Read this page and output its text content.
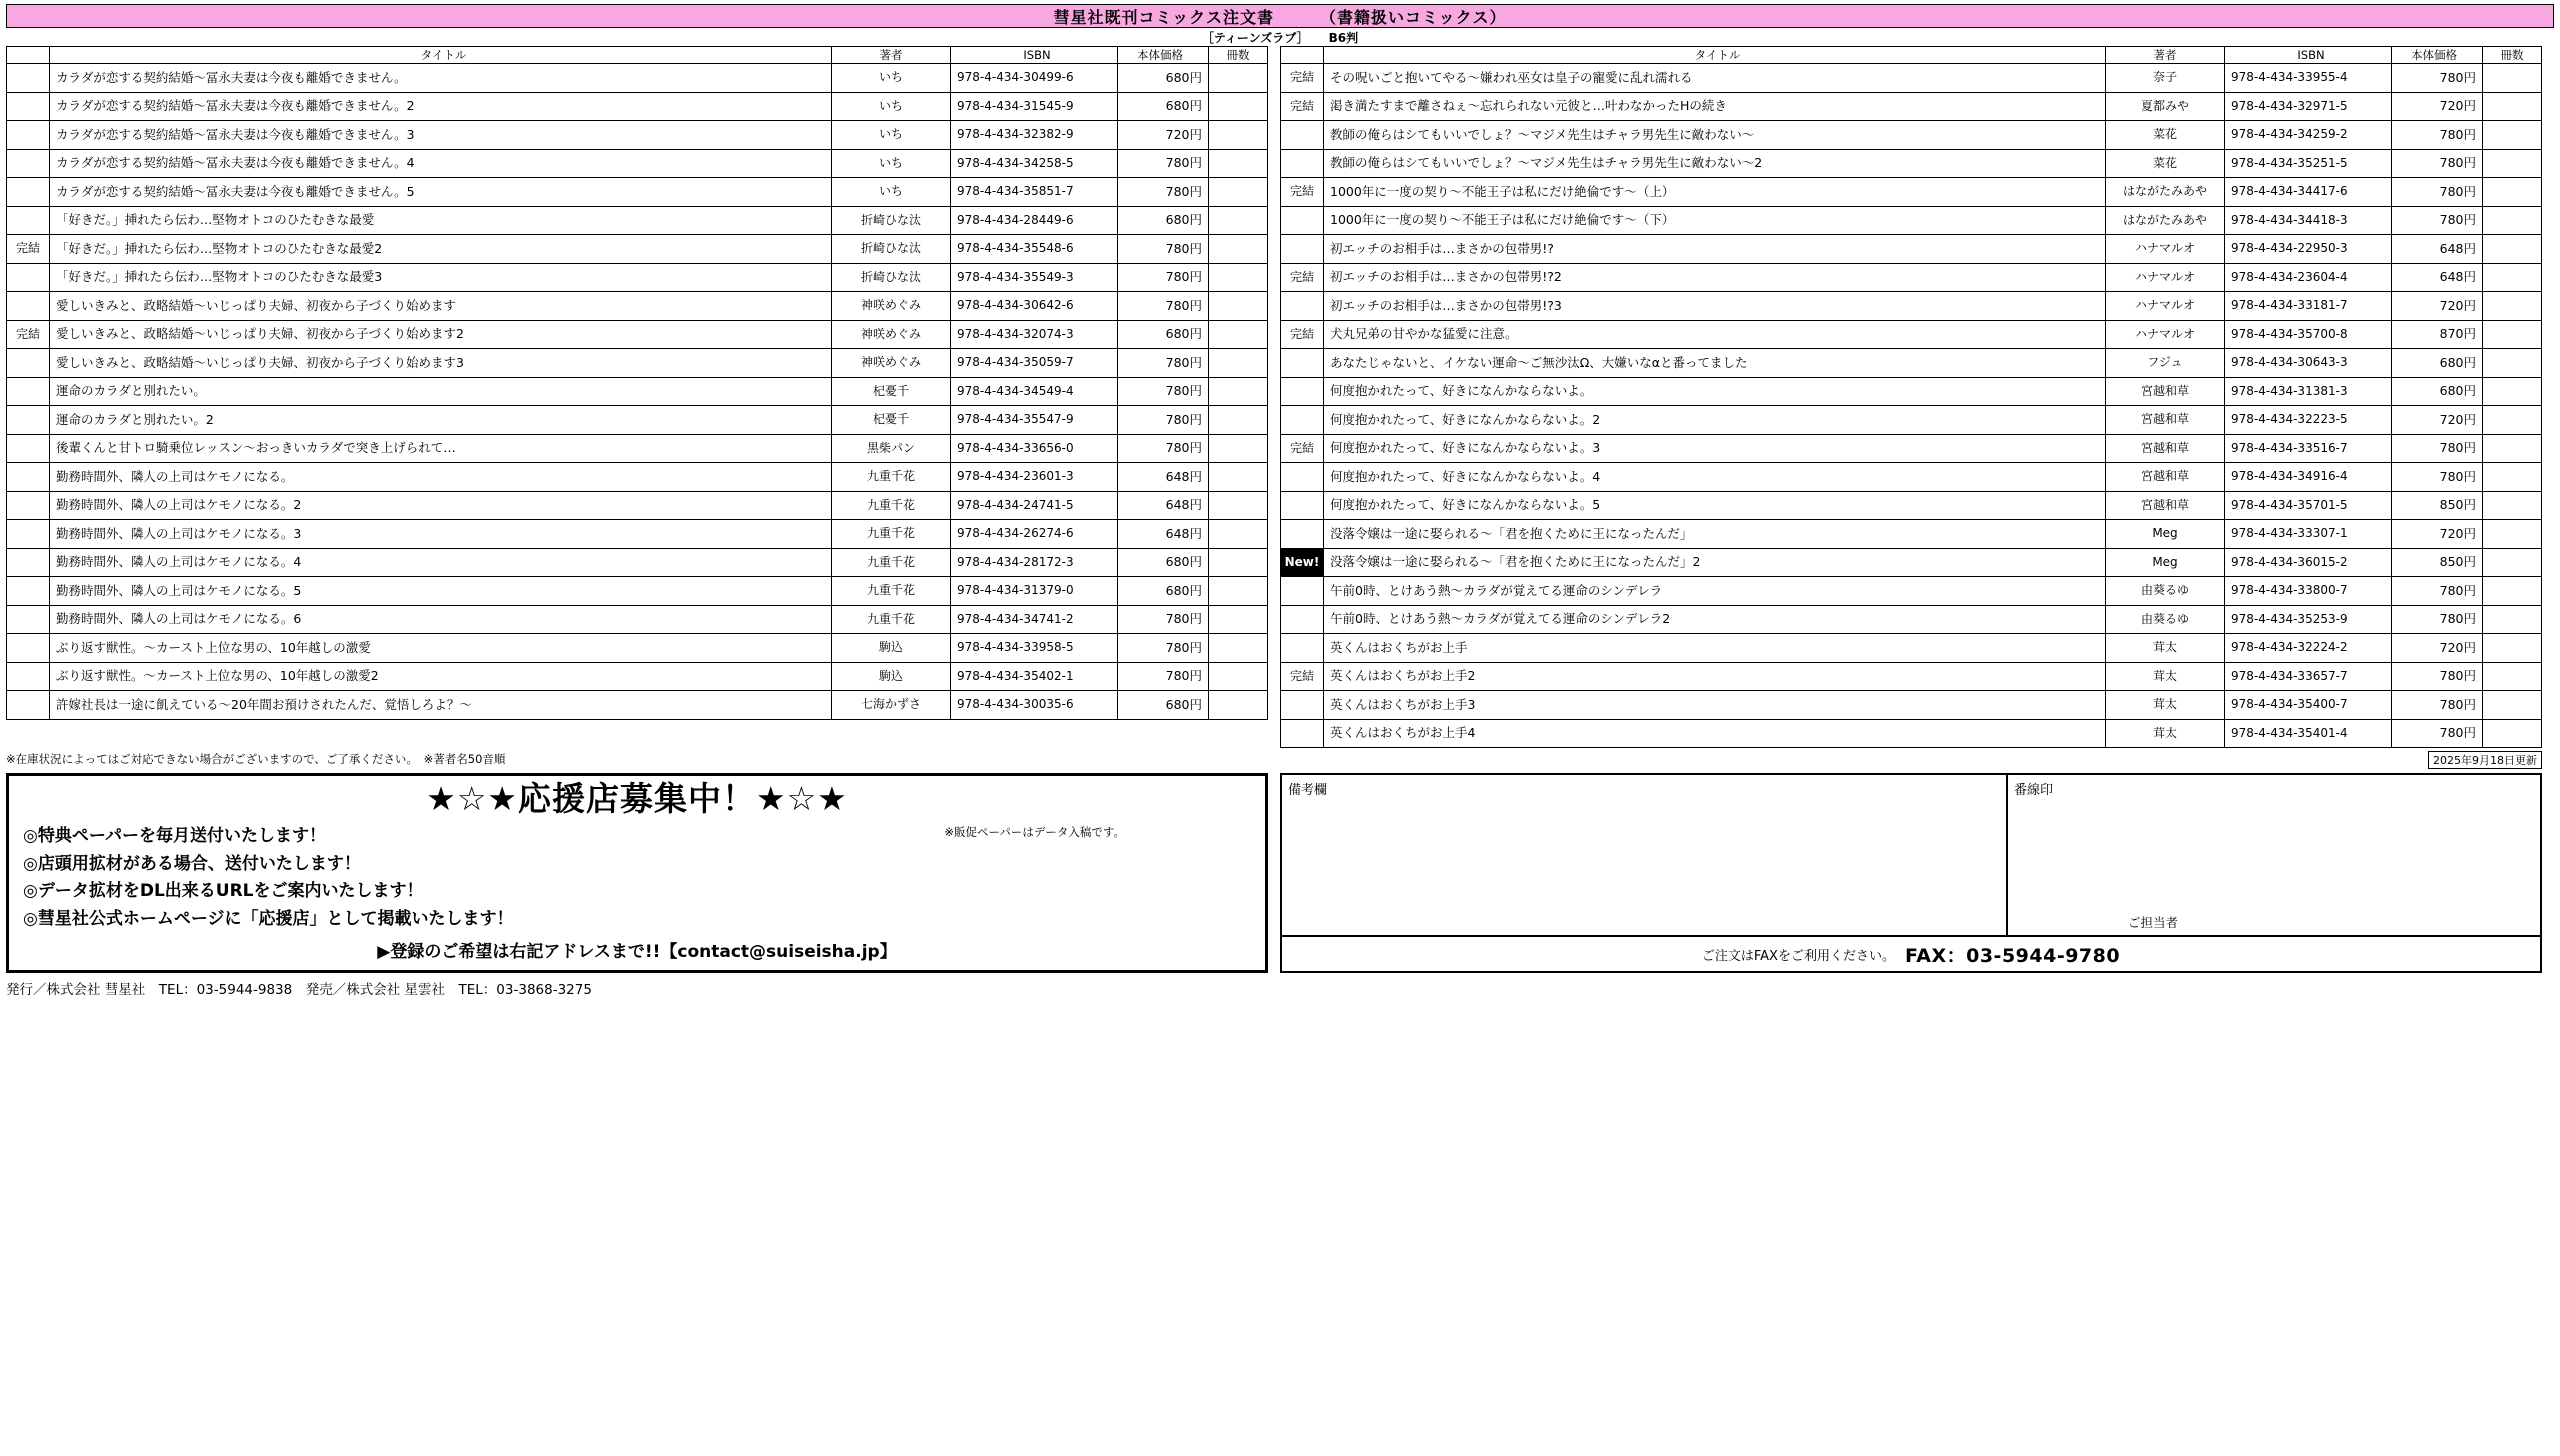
彗星社既刊コミックス注文書	（書籍扱いコミックス）
［ティーンズラブ］ B6判
	タイトル	著者	ISBN	本体価格	冊数
	カラダが恋する契約結婚〜冨永夫妻は今夜も離婚できません。	いち	978-4-434-30499-6	680円	
	カラダが恋する契約結婚〜冨永夫妻は今夜も離婚できません。2	いち	978-4-434-31545-9	680円	
	カラダが恋する契約結婚〜冨永夫妻は今夜も離婚できません。3	いち	978-4-434-32382-9	720円	
	カラダが恋する契約結婚〜冨永夫妻は今夜も離婚できません。4	いち	978-4-434-34258-5	780円	
	カラダが恋する契約結婚〜冨永夫妻は今夜も離婚できません。5	いち	978-4-434-35851-7	780円	
	「好きだ。」挿れたら伝わ…堅物オトコのひたむきな最愛	折崎ひな汰	978-4-434-28449-6	680円	
完結	「好きだ。」挿れたら伝わ…堅物オトコのひたむきな最愛2	折崎ひな汰	978-4-434-35548-6	780円	
	「好きだ。」挿れたら伝わ…堅物オトコのひたむきな最愛3	折崎ひな汰	978-4-434-35549-3	780円	
	愛しいきみと、政略結婚〜いじっぱり夫婦、初夜から子づくり始めます	神咲めぐみ	978-4-434-30642-6	780円	
完結	愛しいきみと、政略結婚〜いじっぱり夫婦、初夜から子づくり始めます2	神咲めぐみ	978-4-434-32074-3	680円	
	愛しいきみと、政略結婚〜いじっぱり夫婦、初夜から子づくり始めます3	神咲めぐみ	978-4-434-35059-7	780円	
	運命のカラダと別れたい。	杞憂千	978-4-434-34549-4	780円	
	運命のカラダと別れたい。2	杞憂千	978-4-434-35547-9	780円	
	後輩くんと甘トロ騎乗位レッスン〜おっきいカラダで突き上げられて…	黒柴パン	978-4-434-33656-0	780円	
	勤務時間外、隣人の上司はケモノになる。	九重千花	978-4-434-23601-3	648円	
	勤務時間外、隣人の上司はケモノになる。2	九重千花	978-4-434-24741-5	648円	
	勤務時間外、隣人の上司はケモノになる。3	九重千花	978-4-434-26274-6	648円	
	勤務時間外、隣人の上司はケモノになる。4	九重千花	978-4-434-28172-3	680円	
	勤務時間外、隣人の上司はケモノになる。5	九重千花	978-4-434-31379-0	680円	
	勤務時間外、隣人の上司はケモノになる。6	九重千花	978-4-434-34741-2	780円	
	ぶり返す獣性。〜カースト上位な男の、10年越しの激愛	駒込	978-4-434-33958-5	780円	
	ぶり返す獣性。〜カースト上位な男の、10年越しの激愛2	駒込	978-4-434-35402-1	780円	
	許嫁社長は一途に飢えている〜20年間お預けされたんだ、覚悟しろよ？〜	七海かずさ	978-4-434-30035-6	680円	
	タイトル	著者	ISBN	本体価格	冊数
完結	その呪いごと抱いてやる〜嫌われ巫女は皇子の寵愛に乱れ濡れる	奈子	978-4-434-33955-4	780円	
完結	渇き満たすまで離さねぇ〜忘れられない元彼と…叶わなかったHの続き	夏都みや	978-4-434-32971-5	720円	
	教師の俺らはシてもいいでしょ？〜マジメ先生はチャラ男先生に敵わない〜	菜花	978-4-434-34259-2	780円	
	教師の俺らはシてもいいでしょ？〜マジメ先生はチャラ男先生に敵わない〜2	菜花	978-4-434-35251-5	780円	
完結	1000年に一度の契り〜不能王子は私にだけ絶倫です〜（上）	はながたみあや	978-4-434-34417-6	780円	
	1000年に一度の契り〜不能王子は私にだけ絶倫です〜（下）	はながたみあや	978-4-434-34418-3	780円	
	初エッチのお相手は…まさかの包帯男!?	ハナマルオ	978-4-434-22950-3	648円	
完結	初エッチのお相手は…まさかの包帯男!?2	ハナマルオ	978-4-434-23604-4	648円	
	初エッチのお相手は…まさかの包帯男!?3	ハナマルオ	978-4-434-33181-7	720円	
完結	犬丸兄弟の甘やかな猛愛に注意。	ハナマルオ	978-4-434-35700-8	870円	
	あなたじゃないと、イケない運命〜ご無沙汰Ω、大嫌いなαと番ってました	フジュ	978-4-434-30643-3	680円	
	何度抱かれたって、好きになんかならないよ。	宮越和草	978-4-434-31381-3	680円	
	何度抱かれたって、好きになんかならないよ。2	宮越和草	978-4-434-32223-5	720円	
完結	何度抱かれたって、好きになんかならないよ。3	宮越和草	978-4-434-33516-7	780円	
	何度抱かれたって、好きになんかならないよ。4	宮越和草	978-4-434-34916-4	780円	
	何度抱かれたって、好きになんかならないよ。5	宮越和草	978-4-434-35701-5	850円	
	没落令嬢は一途に娶られる〜「君を抱くために王になったんだ」	Meg	978-4-434-33307-1	720円	
New!	没落令嬢は一途に娶られる〜「君を抱くために王になったんだ」2	Meg	978-4-434-36015-2	850円	
	午前0時、とけあう熱〜カラダが覚えてる運命のシンデレラ	由葵るゆ	978-4-434-33800-7	780円	
	午前0時、とけあう熱〜カラダが覚えてる運命のシンデレラ2	由葵るゆ	978-4-434-35253-9	780円	
	英くんはおくちがお上手	茸太	978-4-434-32224-2	720円	
完結	英くんはおくちがお上手2	茸太	978-4-434-33657-7	780円	
	英くんはおくちがお上手3	茸太	978-4-434-35400-7	780円	
	英くんはおくちがお上手4	茸太	978-4-434-35401-4	780円	
※在庫状況によってはご対応できない場合がございますので、ご了承ください。　※著者名50音順	2025年9月18日更新
★☆★応援店募集中！★☆★
※販促ペーパーはデータ入稿です。
◎特典ペーパーを毎月送付いたします！
◎店頭用拡材がある場合、送付いたします！
◎データ拡材をDL出来るURLをご案内いたします！
◎彗星社公式ホームページに「応援店」として掲載いたします！
▶登録のご希望は右記アドレスまで!!【contact@suiseisha.jp】
備考欄	番線印
ご担当者
ご注文はFAXをご利用ください。 FAX：03-5944-9780
発行／株式会社 彗星社　TEL：03-5944-9838　発売／株式会社 星雲社　TEL：03-3868-3275
